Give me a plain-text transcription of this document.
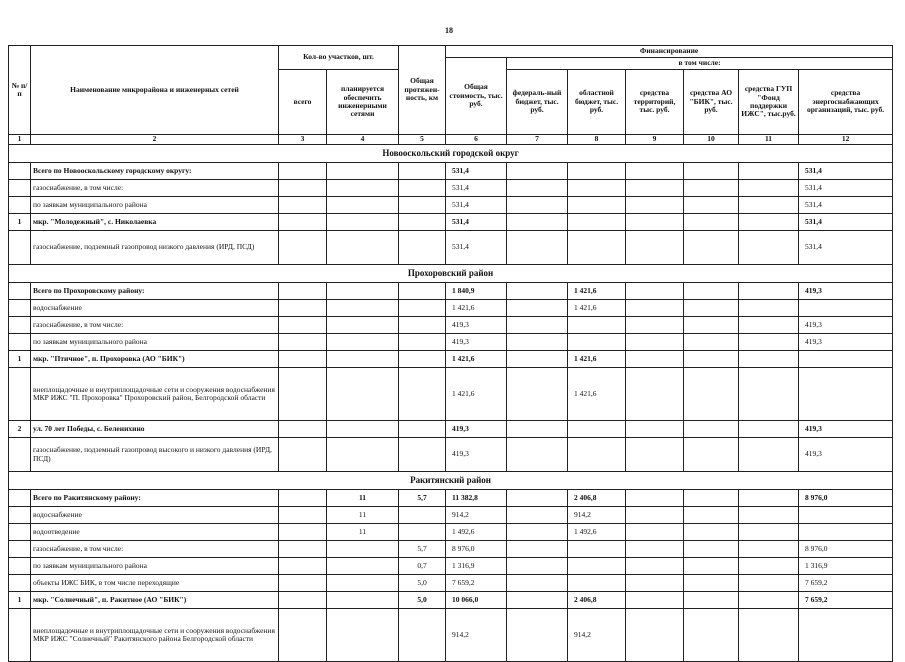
18
№ п/п	Наименование микрорайона и инженерных сетей	Кол-во участков, шт.		Общая протяжен-ность, км	Финансирование						
					Общая стоимость, тыс. руб.	в том числе:					
		всего	планируется обеспечить инженерными сетями			федераль-ный бюджет, тыс. руб.	областной бюджет, тыс. руб.	средства территорий, тыс. руб.	средства АО "БИК", тыс. руб.	средства ГУП "Фонд поддержки ИЖС", тыс.руб.	средства энергоснабжающих организаций, тыс. руб.
1	2	3	4	5	6	7	8	9	10	11	12
Новооскольский городской округ											
	Всего по Новооскольскому городскому округу:				531,4						531,4
	газоснабжение, в том числе:				531,4						531,4
	по заявкам муниципального района				531,4						531,4
1	мкр. "Молодежный", с. Николаевка				531,4						531,4
	газоснабжение, подземный газопровод низкого давления (ИРД, ПСД)				531,4						531,4
Прохоровский район											
	Всего по Прохоровскому району:				1 840,9		1 421,6				419,3
	водоснабжение				1 421,6		1 421,6				
	газоснабжение, в том числе:				419,3						419,3
	по заявкам муниципального района				419,3						419,3
1	мкр. "Птичное", п. Прохоровка (АО "БИК")				1 421,6		1 421,6				
	внеплощадочные и внутриплощадочные сети и сооружения водоснабжения МКР ИЖС "П. Прохоровка" Прохоровский район, Белгородской области				1 421,6		1 421,6				
2	ул. 70 лет Победы, с. Беленихино				419,3						419,3
	газоснабжение, подземный газопровод высокого и низкого давления (ИРД, ПСД)				419,3						419,3
Ракитянский район											
	Всего по Ракитянскому району:		11	5,7	11 382,8		2 406,8				8 976,0
	водоснабжение		11		914,2		914,2				
	водоотведение		11		1 492,6		1 492,6				
	газоснабжение, в том числе:			5,7	8 976,0						8 976,0
	по заявкам муниципального района			0,7	1 316,9						1 316,9
	объекты ИЖС БИК, в том числе переходящие			5,0	7 659,2						7 659,2
1	мкр. "Солнечный", п. Ракитное (АО "БИК")			5,0	10 066,0		2 406,8				7 659,2
	внеплощадочные и внутриплощадочные сети и сооружения водоснабжения МКР ИЖС "Солнечный" Ракитянского района Белгородской области				914,2		914,2				
